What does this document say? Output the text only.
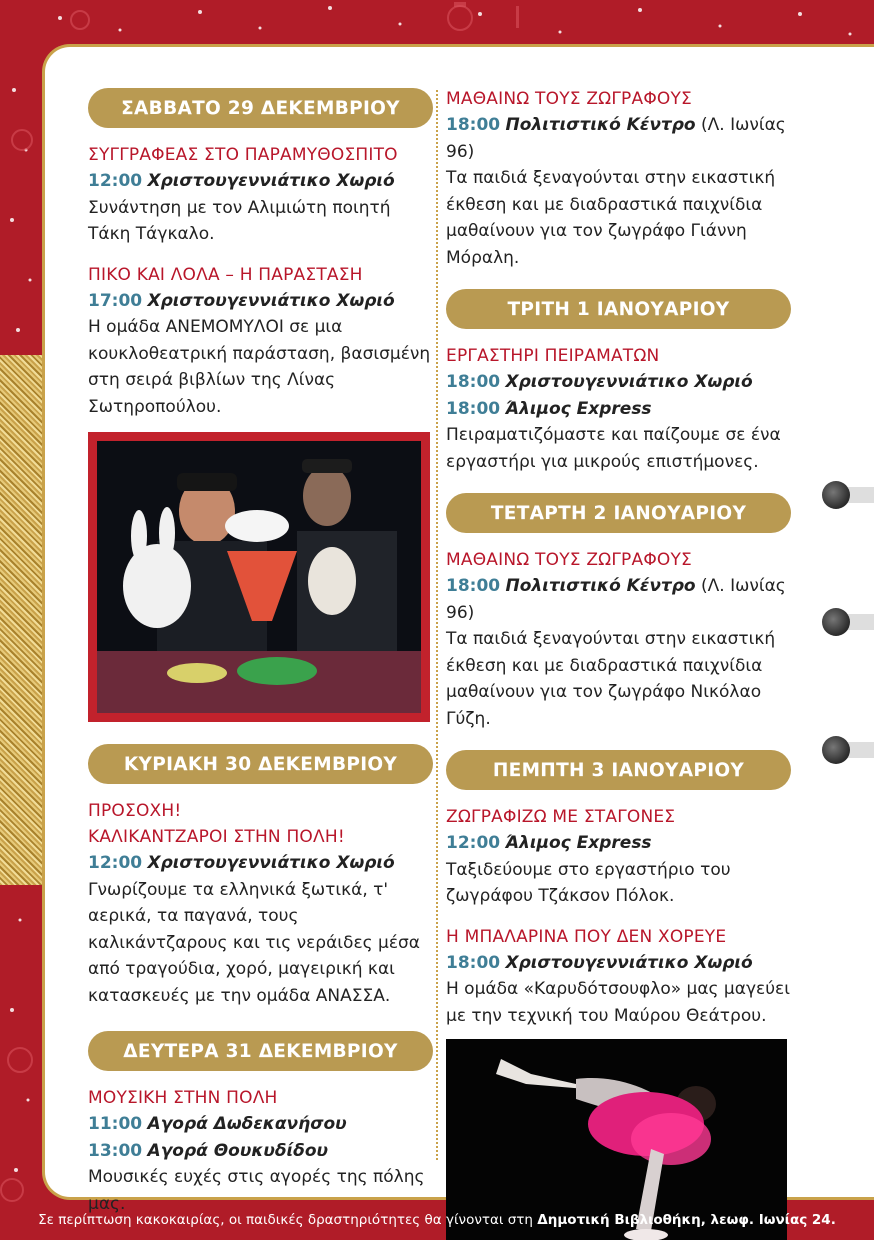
ΣΑΒΒΑΤΟ 29 ΔΕΚΕΜΒΡΙΟΥ
ΣΥΓΓΡΑΦΕΑΣ ΣΤΟ ΠΑΡΑΜΥΘΟΣΠΙΤΟ
12:00 Χριστουγεννιάτικο Χωριό
Συνάντηση με τον Αλιμιώτη ποιητή Τάκη Τάγκαλο.
ΠΙΚΟ ΚΑΙ ΛΟΛΑ – Η ΠΑΡΑΣΤΑΣΗ
17:00 Χριστουγεννιάτικο Χωριό
Η ομάδα ΑΝΕΜΟΜΥΛΟΙ σε μια κουκλοθεατρική παράσταση, βασισμένη στη σειρά βιβλίων της Λίνας Σωτηροπούλου.
ΚΥΡΙΑΚΗ 30 ΔΕΚΕΜΒΡΙΟΥ
ΠΡΟΣΟΧΗ!
ΚΑΛΙΚΑΝΤΖΑΡΟΙ ΣΤΗΝ ΠΟΛΗ!
12:00 Χριστουγεννιάτικο Χωριό
Γνωρίζουμε τα ελληνικά ξωτικά, τ' αερικά, τα παγανά, τους καλικάντζαρους και τις νεράιδες μέσα από τραγούδια, χορό, μαγειρική και κατασκευές με την ομάδα ΑΝΑΣΣΑ.
ΔΕΥΤΕΡΑ 31 ΔΕΚΕΜΒΡΙΟΥ
ΜΟΥΣΙΚΗ ΣΤΗΝ ΠΟΛΗ
11:00 Αγορά Δωδεκανήσου
13:00 Αγορά Θουκυδίδου
Μουσικές ευχές στις αγορές της πόλης μας.
ΜΑΘΑΙΝΩ ΤΟΥΣ ΖΩΓΡΑΦΟΥΣ
18:00 Πολιτιστικό Κέντρο (Λ. Ιωνίας 96)
Τα παιδιά ξεναγούνται στην εικαστική έκθεση και με διαδραστικά παιχνίδια μαθαίνουν για τον ζωγράφο Γιάννη Μόραλη.
ΤΡΙΤΗ 1 ΙΑΝΟΥΑΡΙΟΥ
ΕΡΓΑΣΤΗΡΙ ΠΕΙΡΑΜΑΤΩΝ
18:00 Χριστουγεννιάτικο Χωριό
18:00 Άλιμος Express
Πειραματιζόμαστε και παίζουμε σε ένα εργαστήρι για μικρούς επιστήμονες.
ΤΕΤΑΡΤΗ 2 ΙΑΝΟΥΑΡΙΟΥ
ΜΑΘΑΙΝΩ ΤΟΥΣ ΖΩΓΡΑΦΟΥΣ
18:00 Πολιτιστικό Κέντρο (Λ. Ιωνίας 96)
Τα παιδιά ξεναγούνται στην εικαστική έκθεση και με διαδραστικά παιχνίδια μαθαίνουν για τον ζωγράφο Νικόλαο Γύζη.
ΠΕΜΠΤΗ 3 ΙΑΝΟΥΑΡΙΟΥ
ΖΩΓΡΑΦΙΖΩ ΜΕ ΣΤΑΓΟΝΕΣ
12:00 Άλιμος Express
Ταξιδεύουμε στο εργαστήριο του ζωγράφου Τζάκσον Πόλοκ.
Η ΜΠΑΛΑΡΙΝΑ ΠΟΥ ΔΕΝ ΧΟΡΕΥΕ
18:00 Χριστουγεννιάτικο Χωριό
Η ομάδα «Καρυδότσουφλο» μας μαγεύει με την τεχνική του Μαύρου Θεάτρου.
Σε περίπτωση κακοκαιρίας, οι παιδικές δραστηριότητες θα γίνονται στη Δημοτική Βιβλιοθήκη, λεωφ. Ιωνίας 24.
